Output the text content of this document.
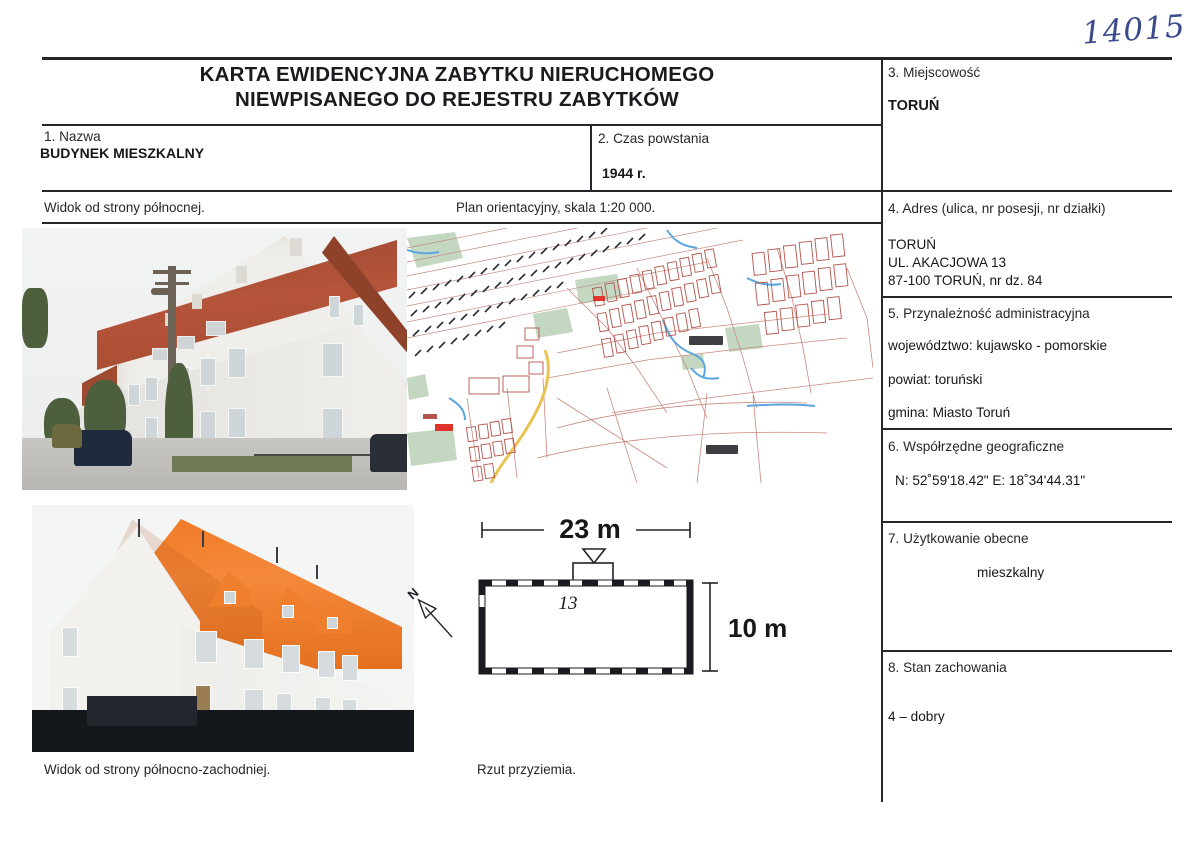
14015
KARTA EWIDENCYJNA ZABYTKU NIERUCHOMEGO
NIEWPISANEGO DO REJESTRU ZABYTKÓW
1. Nazwa
BUDYNEK MIESZKALNY
2. Czas powstania
1944 r.
3. Miejscowość
TORUŃ
4. Adres (ulica, nr posesji, nr działki)
TORUŃ
UL. AKACJOWA 13
87-100 TORUŃ, nr dz. 84
5. Przynależność administracyjna
województwo: kujawsko - pomorskie
powiat: toruński
gmina: Miasto Toruń
6. Współrzędne geograficzne
N: 52˚59'18.42" E: 18˚34'44.31"
7. Użytkowanie obecne
mieszkalny
8. Stan zachowania
4 – dobry
Widok od strony północnej.	Plan orientacyjny, skala 1:20 000.
Widok od strony północno-zachodniej.	Rzut przyziemia.
23 m
13
10 m
N
